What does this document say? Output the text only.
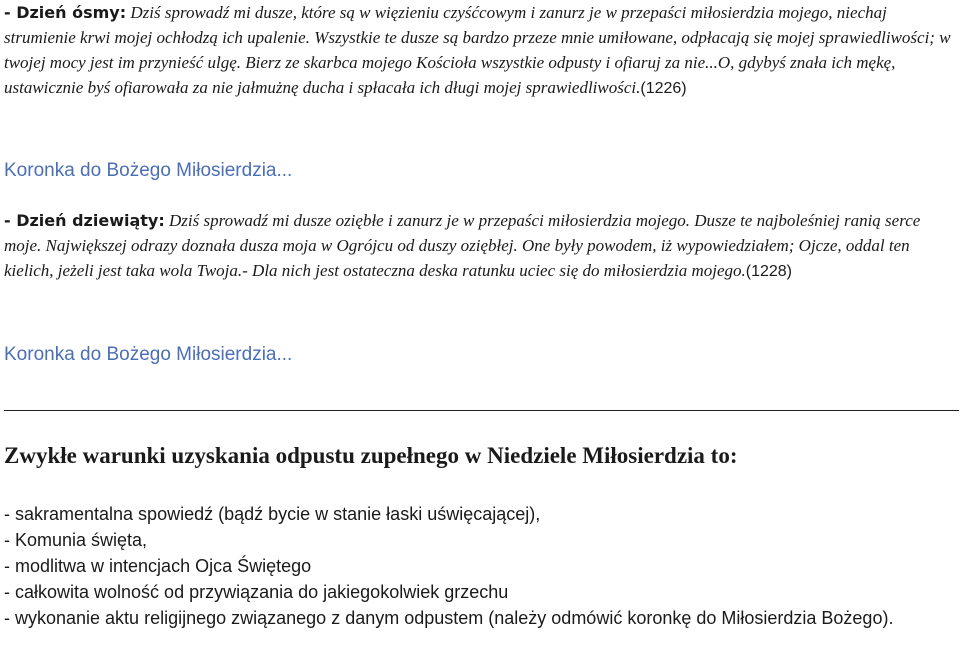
- Dzień ósmy: Dziś sprowadź mi dusze, które są w więzieniu czyśćcowym i zanurz je w przepaści miłosierdzia mojego, niechaj strumienie krwi mojej ochłodzą ich upalenie. Wszystkie te dusze są bardzo przeze mnie umiłowane, odpłacają się mojej sprawiedliwości; w twojej mocy jest im przynieść ulgę. Bierz ze skarbca mojego Kościoła wszystkie odpusty i ofiaruj za nie...O, gdybyś znała ich mękę, ustawicznie byś ofiarowała za nie jałmużnę ducha i spłacała ich długi mojej sprawiedliwości.(1226)

Koronka do Bożego Miłosierdzia...

- Dzień dziewiąty: Dziś sprowadź mi dusze oziębłe i zanurz je w przepaści miłosierdzia mojego. Dusze te najboleśniej ranią serce moje. Największej odrazy doznała dusza moja w Ogrójcu od duszy oziębłej. One były powodem, iż wypowiedziałem; Ojcze, oddal ten kielich, jeżeli jest taka wola Twoja.- Dla nich jest ostateczna deska ratunku uciec się do miłosierdzia mojego.(1228)

Koronka do Bożego Miłosierdzia...
Zwykłe warunki uzyskania odpustu zupełnego w Niedziele Miłosierdzia to:
- sakramentalna spowiedź (bądź bycie w stanie łaski uświęcającej),
- Komunia święta,
- modlitwa w intencjach Ojca Świętego
- całkowita wolność od przywiązania do jakiegokolwiek grzechu
- wykonanie aktu religijnego związanego z danym odpustem (należy odmówić koronkę do Miłosierdzia Bożego).
